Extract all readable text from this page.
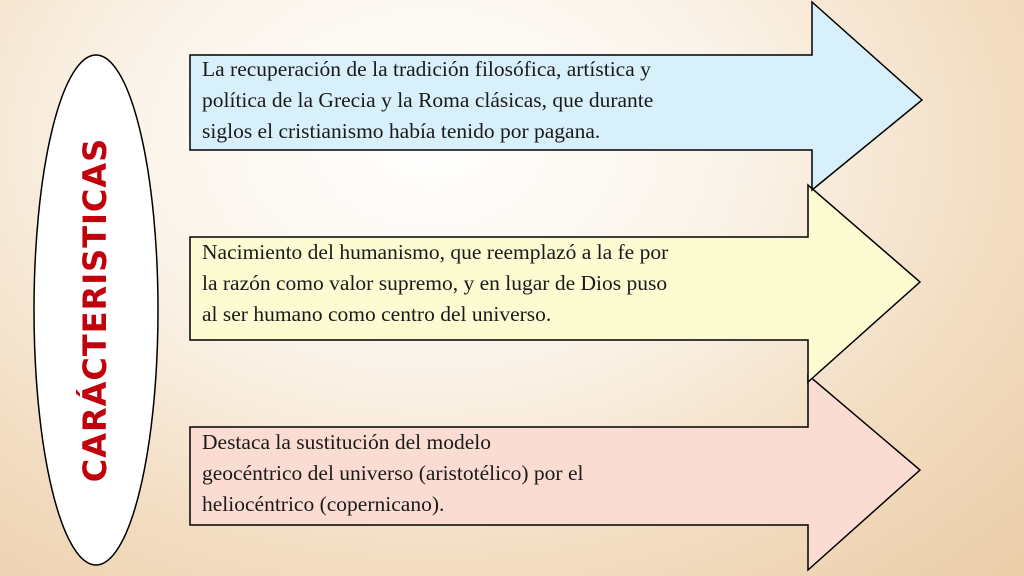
CARÁCTERISTICAS

La recuperación de la tradición filosófica, artística y
política de la Grecia y la Roma clásicas, que durante
siglos el cristianismo había tenido por pagana.

Nacimiento del humanismo, que reemplazó a la fe por
la razón como valor supremo, y en lugar de Dios puso
al ser humano como centro del universo.

Destaca la sustitución del modelo
geocéntrico del universo (aristotélico) por el
heliocéntrico (copernicano).
